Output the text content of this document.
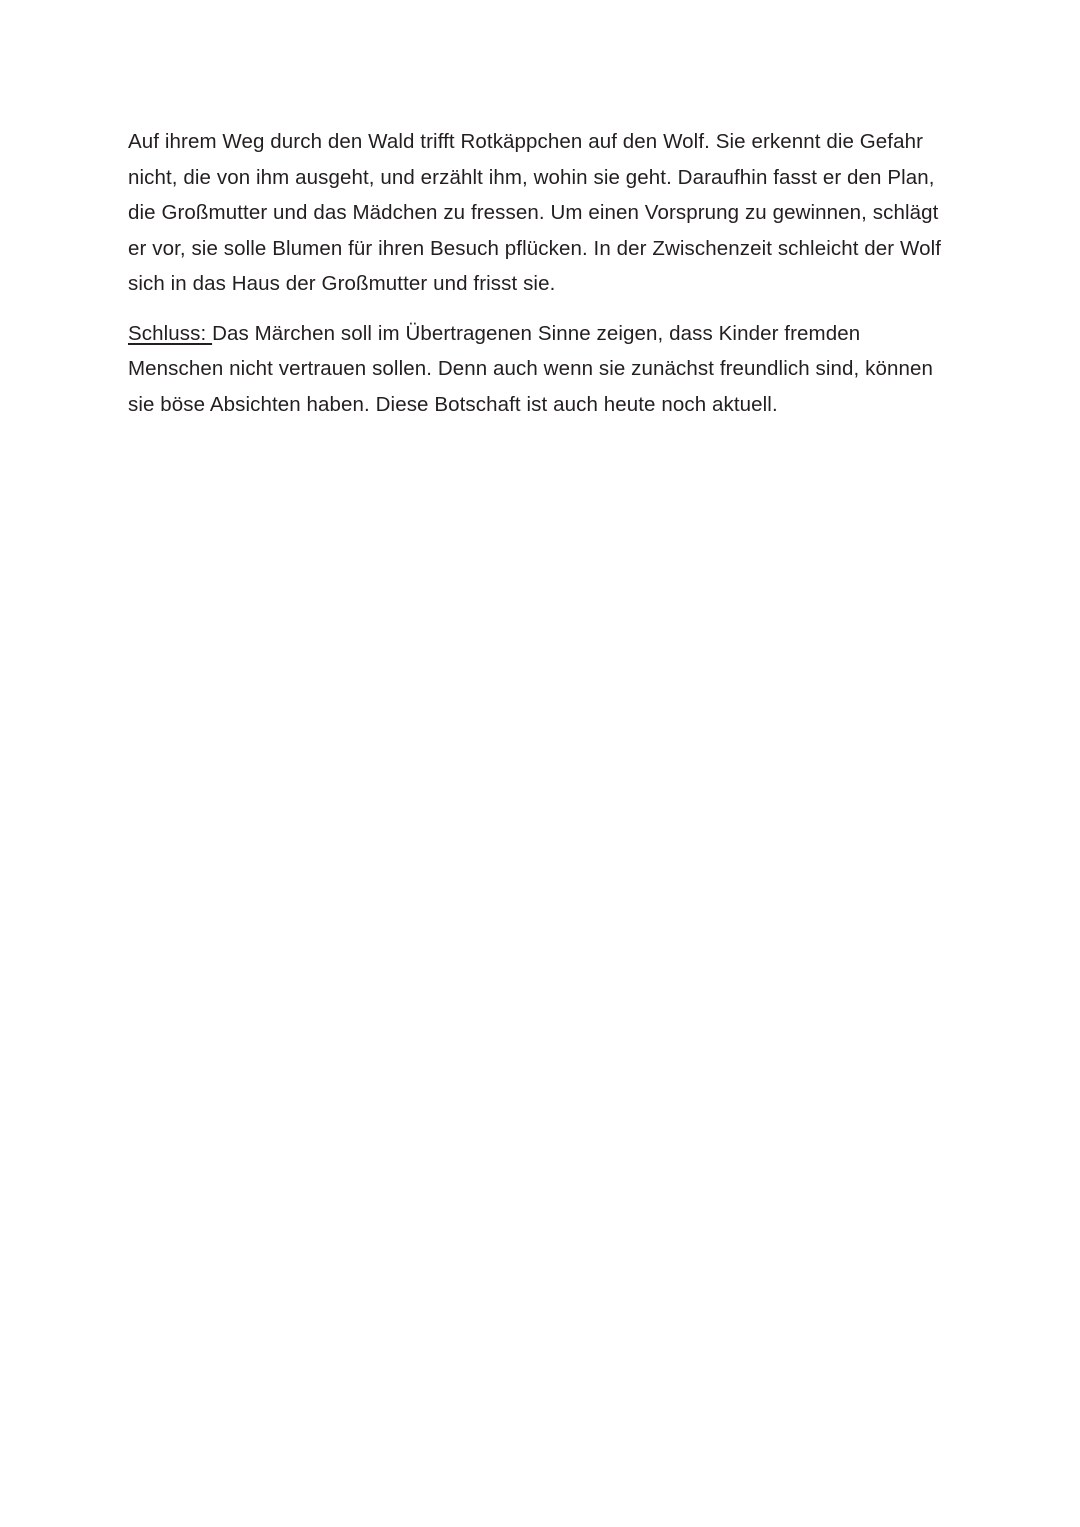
Auf ihrem Weg durch den Wald trifft Rotkäppchen auf den Wolf. Sie erkennt die Gefahr nicht, die von ihm ausgeht, und erzählt ihm, wohin sie geht. Daraufhin fasst er den Plan, die Großmutter und das Mädchen zu fressen. Um einen Vorsprung zu gewinnen, schlägt er vor, sie solle Blumen für ihren Besuch pflücken. In der Zwischenzeit schleicht der Wolf sich in das Haus der Großmutter und frisst sie.

Schluss: Das Märchen soll im Übertragenen Sinne zeigen, dass Kinder fremden Menschen nicht vertrauen sollen. Denn auch wenn sie zunächst freundlich sind, können sie böse Absichten haben. Diese Botschaft ist auch heute noch aktuell.
